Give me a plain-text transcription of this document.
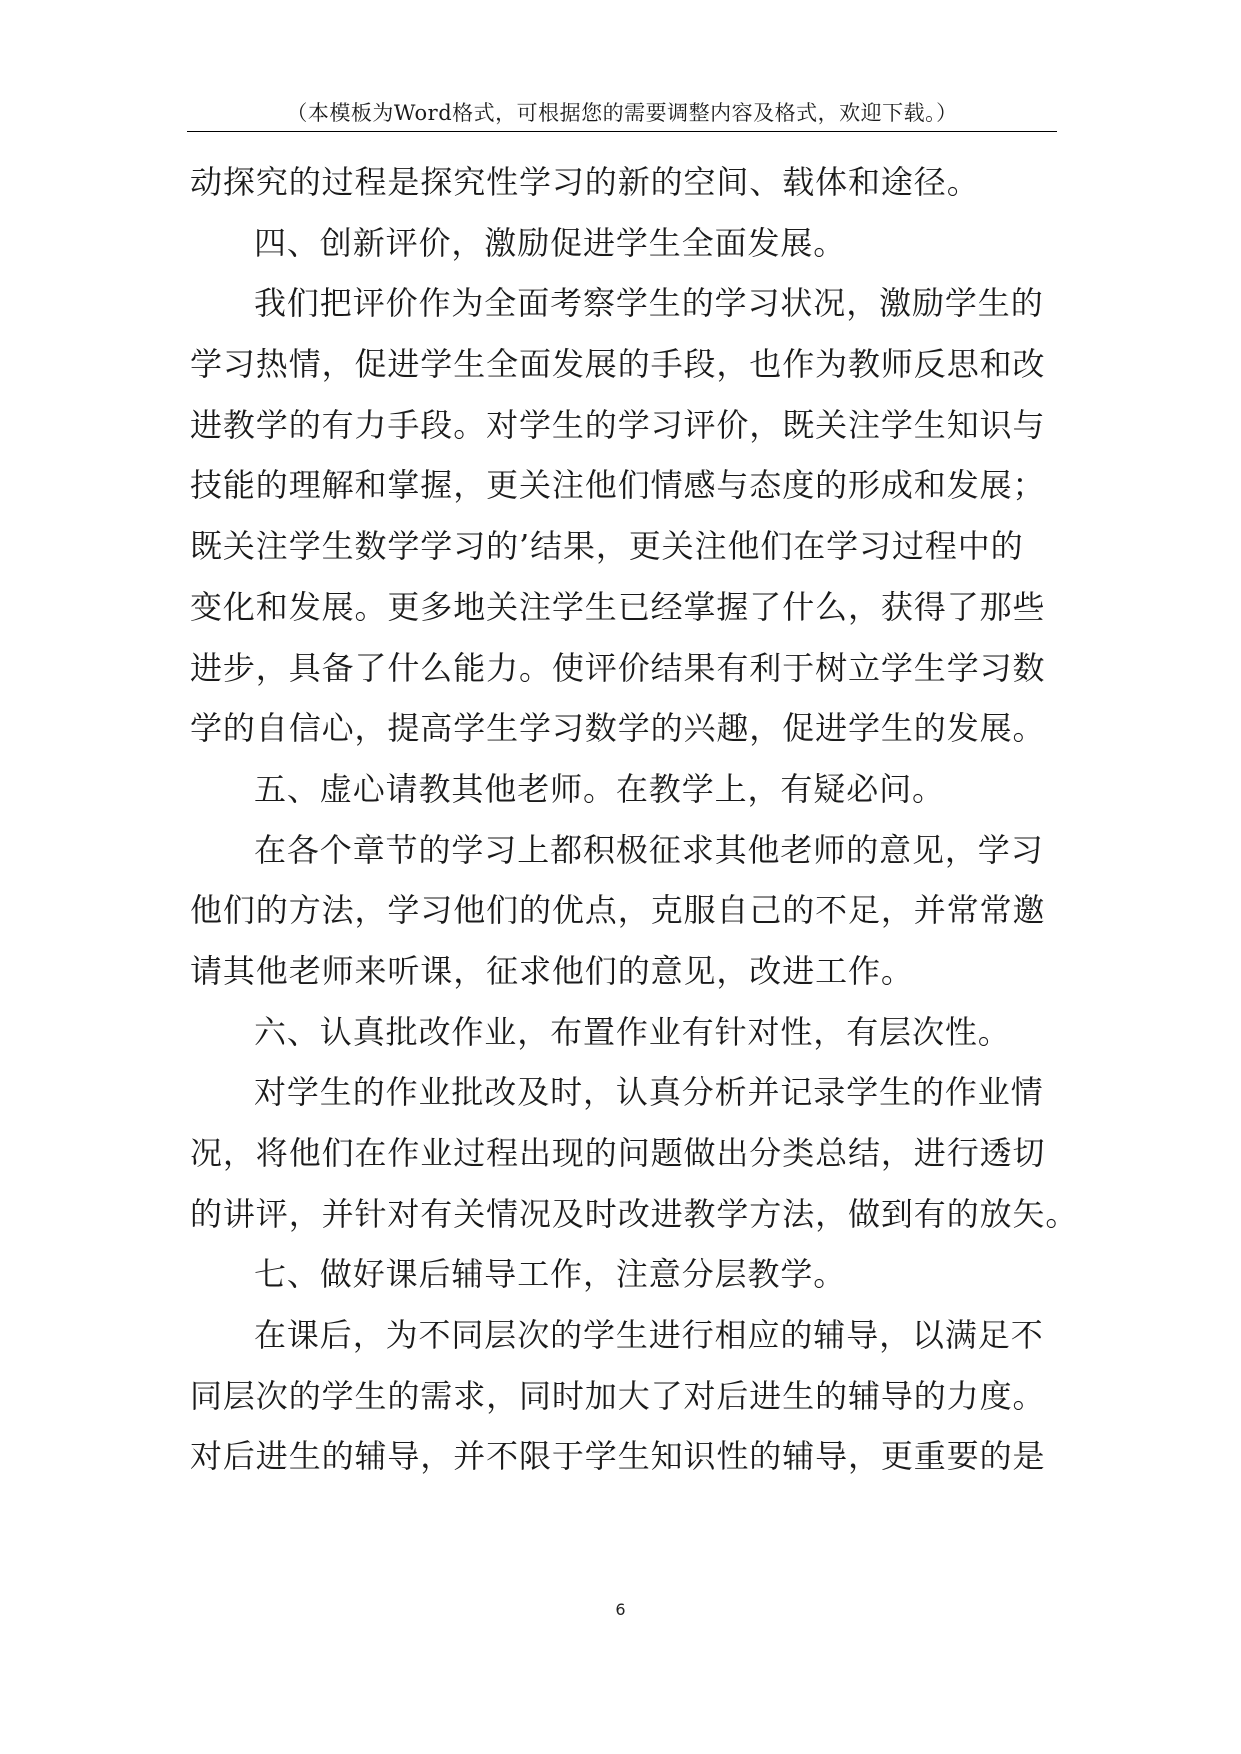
（本模板为Word格式，可根据您的需要调整内容及格式，欢迎下载。）
动探究的过程是探究性学习的新的空间、载体和途径。
四、创新评价，激励促进学生全面发展。
我们把评价作为全面考察学生的学习状况，激励学生的
学习热情，促进学生全面发展的手段，也作为教师反思和改
进教学的有力手段。对学生的学习评价，既关注学生知识与
技能的理解和掌握，更关注他们情感与态度的形成和发展；
既关注学生数学学习的’结果，更关注他们在学习过程中的
变化和发展。更多地关注学生已经掌握了什么，获得了那些
进步，具备了什么能力。使评价结果有利于树立学生学习数
学的自信心，提高学生学习数学的兴趣，促进学生的发展。
五、虚心请教其他老师。在教学上，有疑必问。
在各个章节的学习上都积极征求其他老师的意见，学习
他们的方法，学习他们的优点，克服自己的不足，并常常邀
请其他老师来听课，征求他们的意见，改进工作。
六、认真批改作业，布置作业有针对性，有层次性。
对学生的作业批改及时，认真分析并记录学生的作业情
况，将他们在作业过程出现的问题做出分类总结，进行透切
的讲评，并针对有关情况及时改进教学方法，做到有的放矢。
七、做好课后辅导工作，注意分层教学。
在课后，为不同层次的学生进行相应的辅导，以满足不
同层次的学生的需求，同时加大了对后进生的辅导的力度。
对后进生的辅导，并不限于学生知识性的辅导，更重要的是
6
